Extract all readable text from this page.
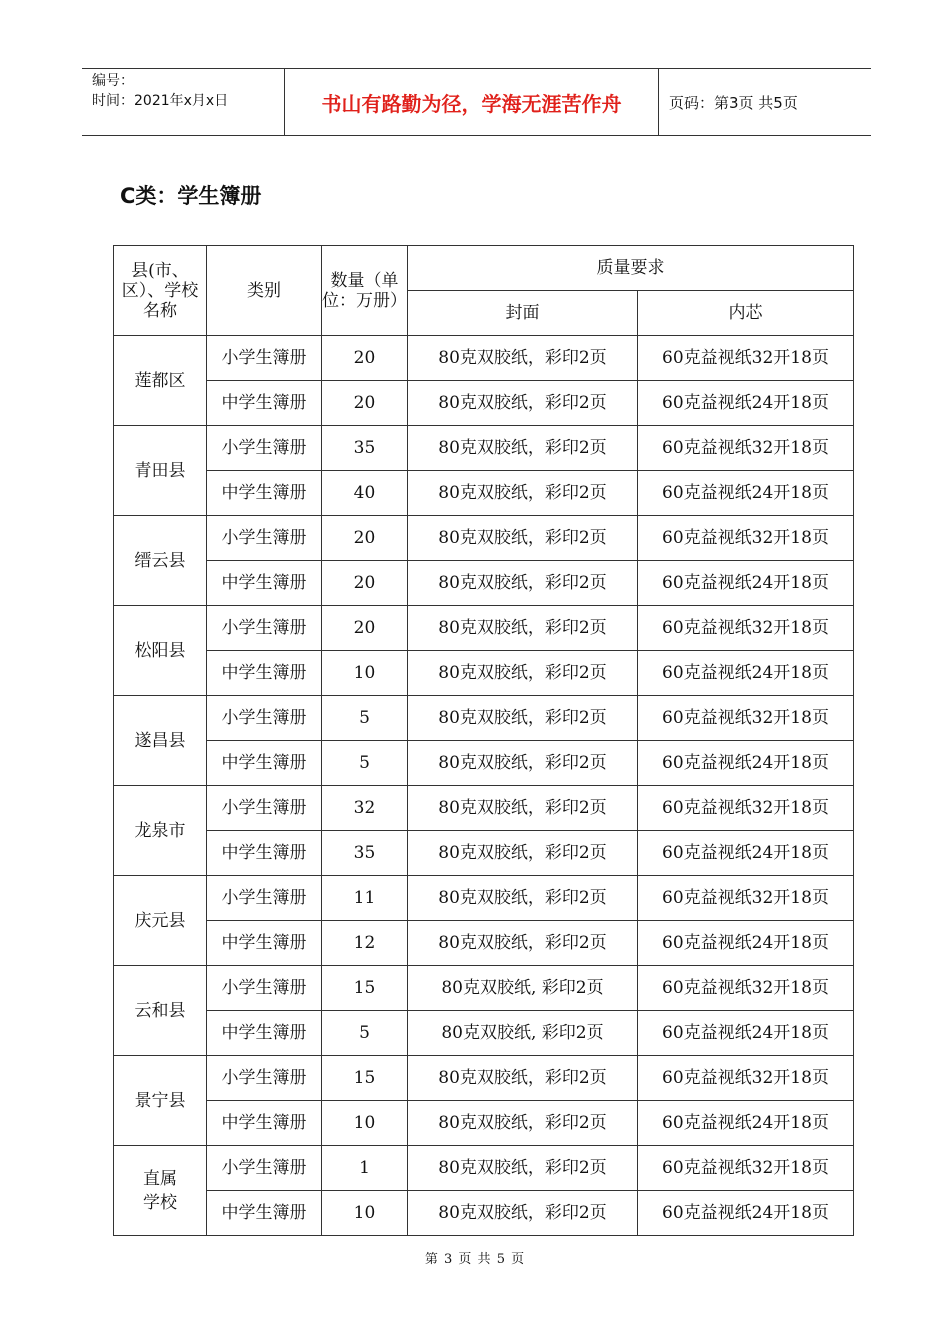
编号：
时间：2021年x月x日	书山有路勤为径，学海无涯苦作舟	页码：第3页 共5页
C类：学生簿册
县(市、区）、学校名称	类别	数量（单位：万册）	质量要求	
			封面	内芯
莲都区	小学生簿册	20	80克双胶纸，彩印2页	60克益视纸32开18页
	中学生簿册	20	80克双胶纸，彩印2页	60克益视纸24开18页
青田县	小学生簿册	35	80克双胶纸，彩印2页	60克益视纸32开18页
	中学生簿册	40	80克双胶纸，彩印2页	60克益视纸24开18页
缙云县	小学生簿册	20	80克双胶纸，彩印2页	60克益视纸32开18页
	中学生簿册	20	80克双胶纸，彩印2页	60克益视纸24开18页
松阳县	小学生簿册	20	80克双胶纸，彩印2页	60克益视纸32开18页
	中学生簿册	10	80克双胶纸，彩印2页	60克益视纸24开18页
遂昌县	小学生簿册	5	80克双胶纸，彩印2页	60克益视纸32开18页
	中学生簿册	5	80克双胶纸，彩印2页	60克益视纸24开18页
龙泉市	小学生簿册	32	80克双胶纸，彩印2页	60克益视纸32开18页
	中学生簿册	35	80克双胶纸，彩印2页	60克益视纸24开18页
庆元县	小学生簿册	11	80克双胶纸，彩印2页	60克益视纸32开18页
	中学生簿册	12	80克双胶纸，彩印2页	60克益视纸24开18页
云和县	小学生簿册	15	80克双胶纸, 彩印2页	60克益视纸32开18页
	中学生簿册	5	80克双胶纸, 彩印2页	60克益视纸24开18页
景宁县	小学生簿册	15	80克双胶纸，彩印2页	60克益视纸32开18页
	中学生簿册	10	80克双胶纸，彩印2页	60克益视纸24开18页
直属学校	小学生簿册	1	80克双胶纸，彩印2页	60克益视纸32开18页
	中学生簿册	10	80克双胶纸，彩印2页	60克益视纸24开18页
第 3 页 共 5 页
